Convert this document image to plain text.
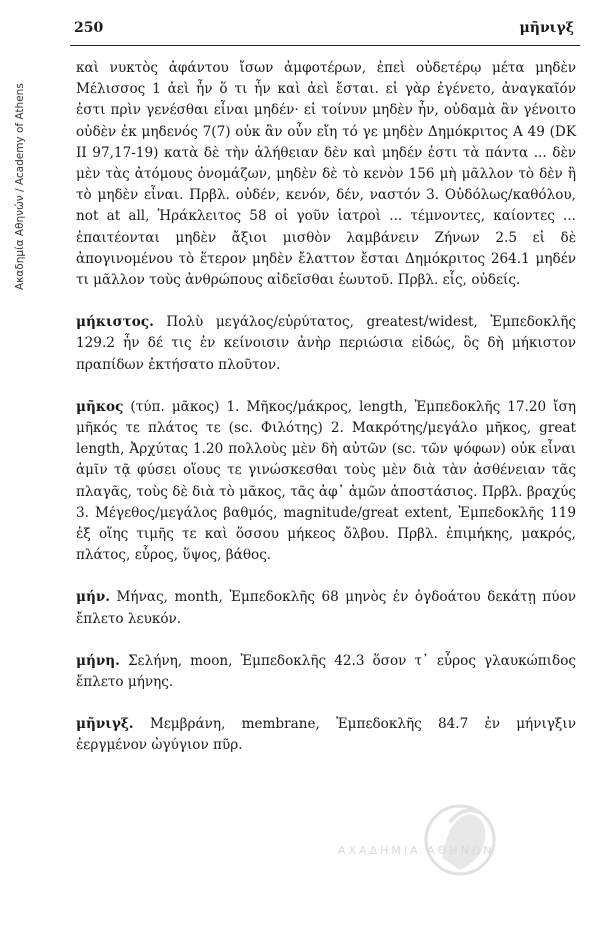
Ακαδημία Αθηνών / Academy of Athens
250	μῆνιγξ

καὶ νυκτὸς ἀφάντου ἴσων ἀμφοτέρων, ἐπεὶ οὐδετέρῳ μέτα μηδὲν Μέλισσος 1 ἀεὶ ἦν ὅ τι ἦν καὶ ἀεὶ ἔσται. εἰ γὰρ ἐγένετο, ἀναγκαῖόν ἐστι πρὶν γενέσθαι εἶναι μηδέν· εἰ τοίνυν μηδὲν ἦν, οὐδαμὰ ἂν γένοιτο οὐδὲν ἐκ μηδενός 7(7) οὐκ ἂν οὖν εἴη τό γε μηδὲν Δημόκριτος Α 49 (DK II 97,17-19) κατὰ δὲ τὴν ἀλήθειαν δὲν καὶ μηδέν ἐστι τὰ πάντα ... δὲν μὲν τὰς ἀτόμους ὀνομάζων, μηδὲν δὲ τὸ κενὸν 156 μὴ μᾶλλον τὸ δὲν ἢ τὸ μηδὲν εἶναι. Πρβλ. οὐδέν, κενόν, δέν, ναστόν 3. Οὐδόλως/καθόλου, not at all, Ἡράκλειτος 58 οἱ γοῦν ἰατροὶ ... τέμνοντες, καίοντες ... ἐπαιτέονται μηδὲν ἄξιοι μισθὸν λαμβάνειν Ζήνων 2.5 εἰ δὲ ἀπογινομένου τὸ ἕτερον μηδὲν ἔλαττον ἔσται Δημόκριτος 264.1 μηδέν τι μᾶλλον τοὺς ἀνθρώπους αἰδεῖσθαι ἑωυτοῦ. Πρβλ. εἷς, οὐδείς.

μήκιστος. Πολὺ μεγάλος/εὐρύτατος, greatest/widest, Ἐμπεδοκλῆς 129.2 ἦν δέ τις ἐν κείνοισιν ἀνὴρ περιώσια εἰδώς, ὃς δὴ μήκιστον πραπίδων ἐκτήσατο πλοῦτον.

μῆκος (τύπ. μᾶκος) 1. Μῆκος/μάκρος, length, Ἐμπεδοκλῆς 17.20 ἴση μῆκός τε πλάτος τε (sc. Φιλότης) 2. Μακρότης/μεγάλο μῆκος, great length, Ἀρχύτας 1.20 πολλοὺς μὲν δὴ αὐτῶν (sc. τῶν ψόφων) οὐκ εἶναι ἁμῖν τᾷ φύσει οἵους τε γινώσκεσθαι τοὺς μὲν διὰ τὰν ἀσθένειαν τᾶς πλαγᾶς, τοὺς δὲ διὰ τὸ μᾶκος, τᾶς ἀφ᾽ ἁμῶν ἀποστάσιος. Πρβλ. βραχύς 3. Μέγεθος/μεγάλος βαθμός, magnitude/great extent, Ἐμπεδοκλῆς 119 ἐξ οἵης τιμῆς τε καὶ ὅσσου μήκεος ὄλβου. Πρβλ. ἐπιμήκης, μακρός, πλάτος, εὖρος, ὕψος, βάθος.

μήν. Μήνας, month, Ἐμπεδοκλῆς 68 μηνὸς ἐν ὀγδοάτου δεκάτῃ πύον ἔπλετο λευκόν.

μήνη. Σελήνη, moon, Ἐμπεδοκλῆς 42.3 ὅσον τ᾽ εὖρος γλαυκώπιδος ἔπλετο μήνης.

μῆνιγξ. Μεμβράνη, membrane, Ἐμπεδοκλῆς 84.7 ἐν μήνιγξιν ἐεργμένον ὠγύγιον πῦρ.

ΑΧΑΔΗΜΙΑ ΑΘΗΝΩΝ
